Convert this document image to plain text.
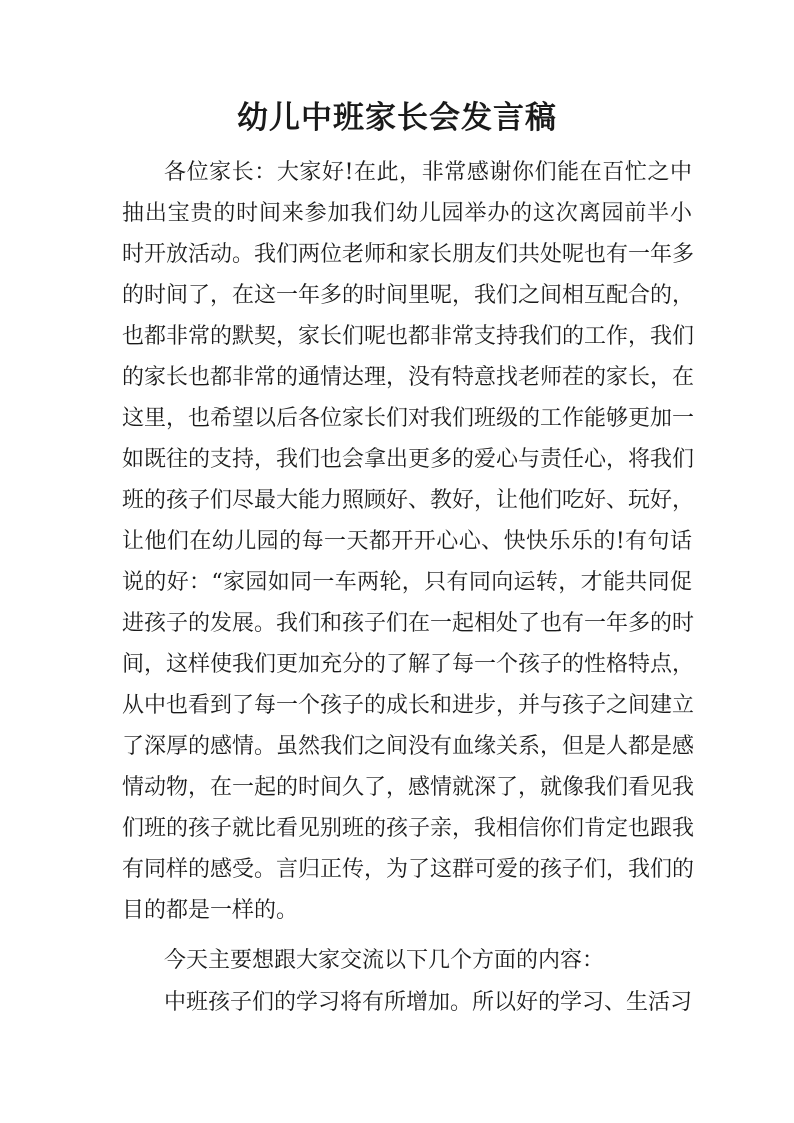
幼儿中班家长会发言稿
各位家长：大家好!在此，非常感谢你们能在百忙之中
抽出宝贵的时间来参加我们幼儿园举办的这次离园前半小
时开放活动。我们两位老师和家长朋友们共处呢也有一年多
的时间了，在这一年多的时间里呢，我们之间相互配合的，
也都非常的默契，家长们呢也都非常支持我们的工作，我们
的家长也都非常的通情达理，没有特意找老师茬的家长，在
这里，也希望以后各位家长们对我们班级的工作能够更加一
如既往的支持，我们也会拿出更多的爱心与责任心，将我们
班的孩子们尽最大能力照顾好、教好，让他们吃好、玩好，
让他们在幼儿园的每一天都开开心心、快快乐乐的!有句话
说的好：“家园如同一车两轮，只有同向运转，才能共同促
进孩子的发展。我们和孩子们在一起相处了也有一年多的时
间，这样使我们更加充分的了解了每一个孩子的性格特点，
从中也看到了每一个孩子的成长和进步，并与孩子之间建立
了深厚的感情。虽然我们之间没有血缘关系，但是人都是感
情动物，在一起的时间久了，感情就深了，就像我们看见我
们班的孩子就比看见别班的孩子亲，我相信你们肯定也跟我
有同样的感受。言归正传，为了这群可爱的孩子们，我们的
目的都是一样的。
今天主要想跟大家交流以下几个方面的内容：
中班孩子们的学习将有所增加。所以好的学习、生活习
